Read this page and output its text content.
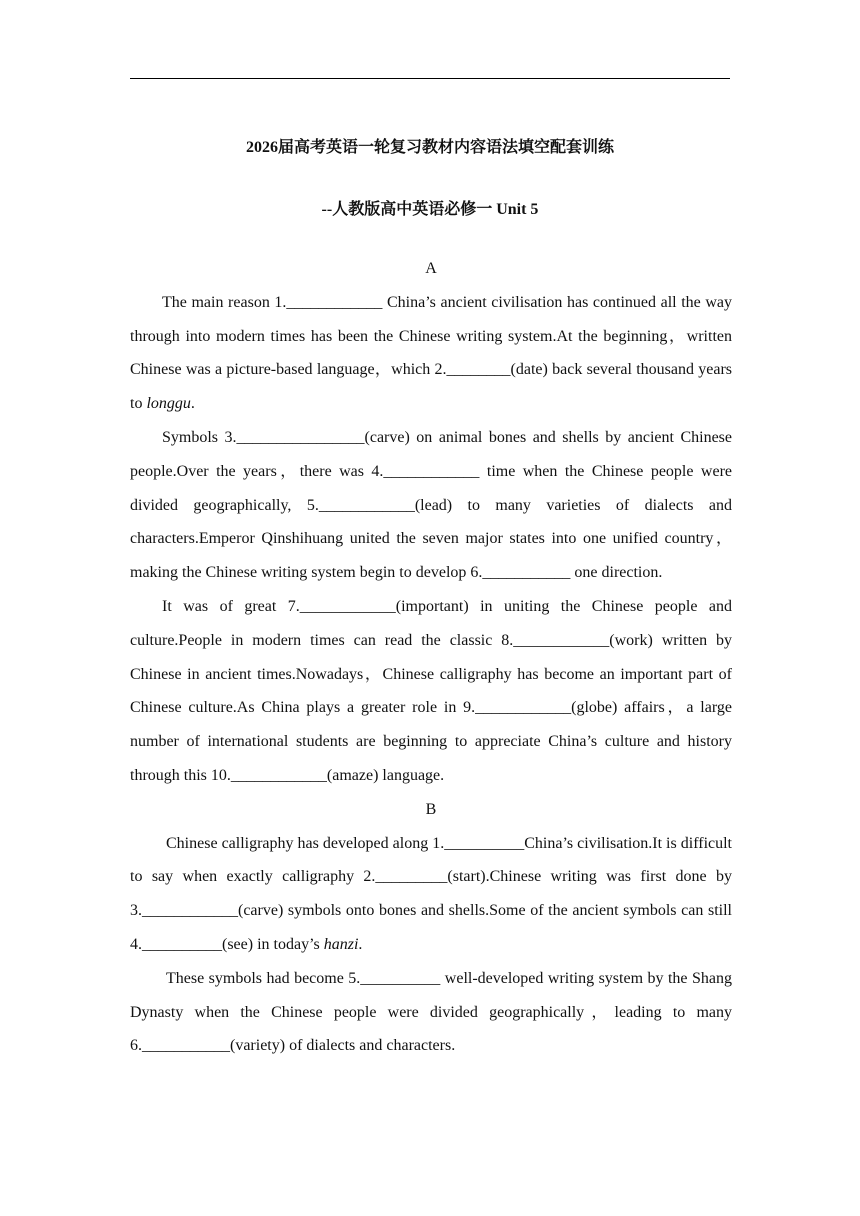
2026届高考英语一轮复习教材内容语法填空配套训练
--人教版高中英语必修一 Unit 5
A

The main reason 1.____________ China’s ancient civilisation has continued all the way through into modern times has been the Chinese writing system.At the beginning，written Chinese was a picture-based language，which 2.________(date) back several thousand years to longgu.

Symbols 3.________________(carve) on animal bones and shells by ancient Chinese people.Over the years，there was 4.____________ time when the Chinese people were divided geographically, 5.____________(lead) to many varieties of dialects and characters.Emperor Qinshihuang united the seven major states into one unified country，making the Chinese writing system begin to develop 6.___________ one direction.

It was of great 7.____________(important) in uniting the Chinese people and culture.People in modern times can read the classic 8.____________(work) written by Chinese in ancient times.Nowadays，Chinese calligraphy has become an important part of Chinese culture.As China plays a greater role in 9.____________(globe) affairs，a large number of international students are beginning to appreciate China’s culture and history through this 10.____________(amaze) language.

B

Chinese calligraphy has developed along 1.__________China’s civilisation.It is difficult to say when exactly calligraphy 2._________(start).Chinese writing was first done by 3.____________(carve) symbols onto bones and shells.Some of the ancient symbols can still 4.__________(see) in today’s hanzi.

These symbols had become 5.__________ well-developed writing system by the Shang Dynasty when the Chinese people were divided geographically，leading to many 6.___________(variety) of dialects and characters.
